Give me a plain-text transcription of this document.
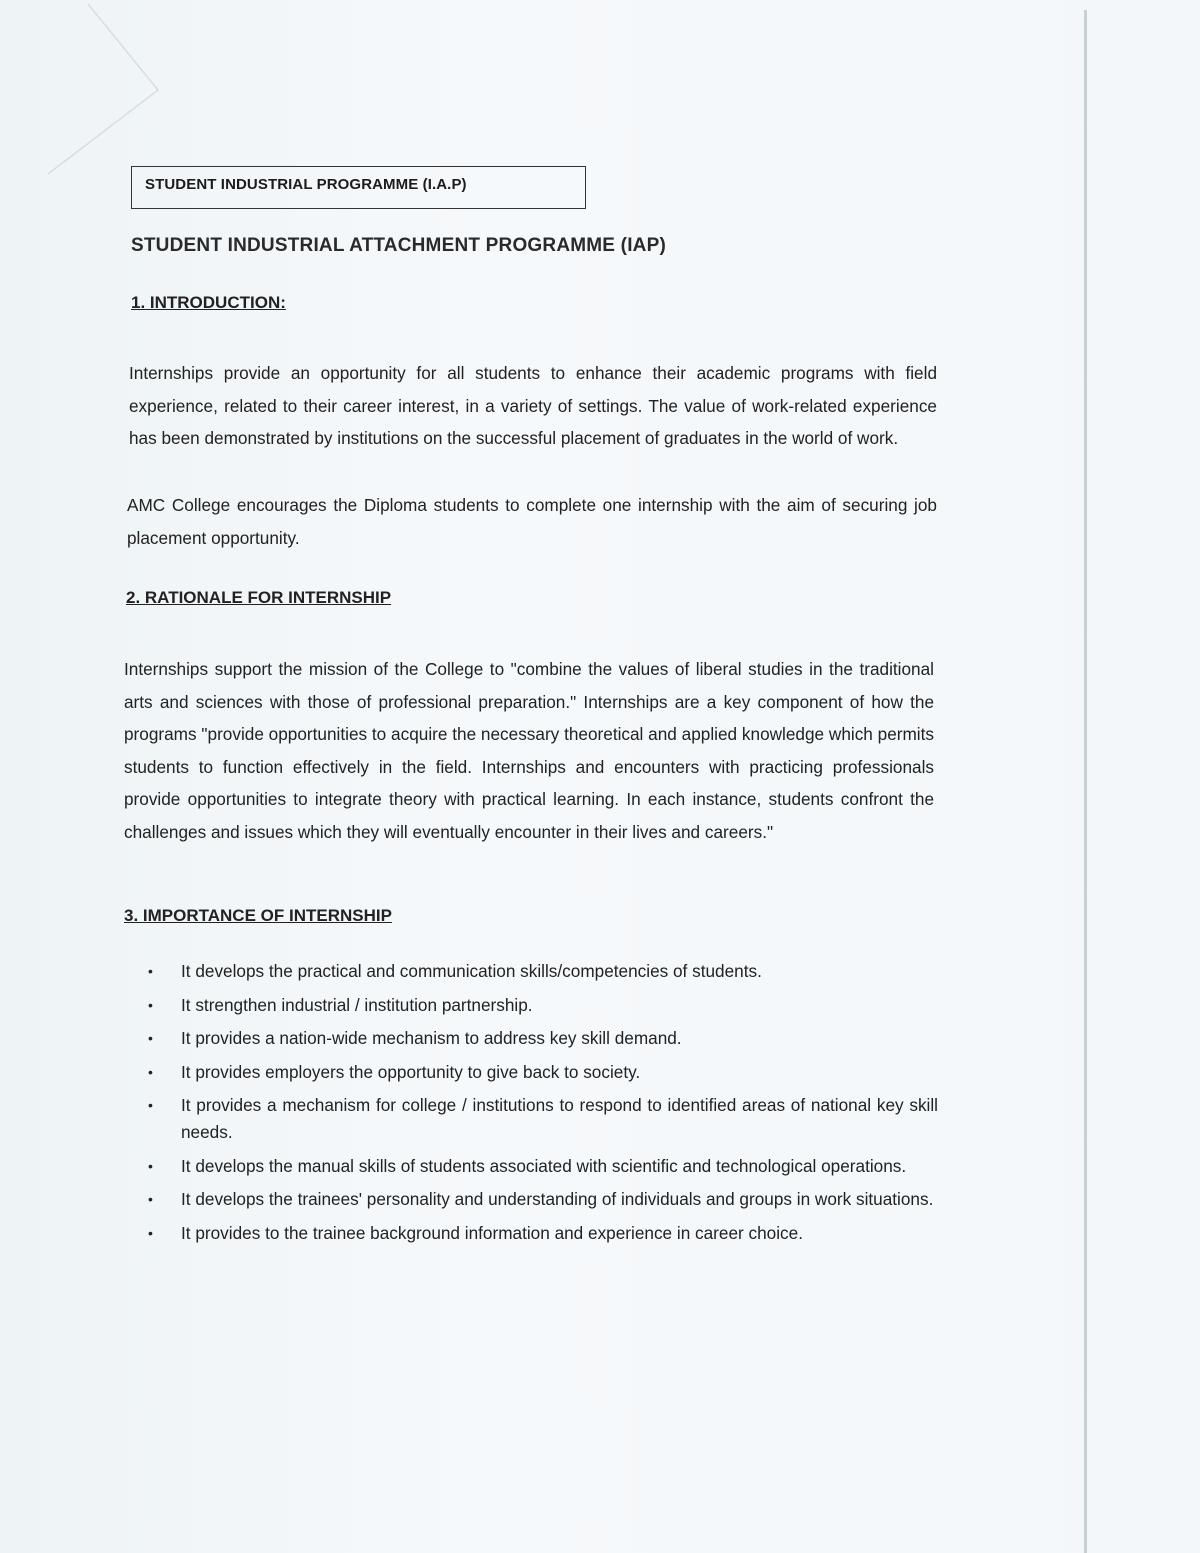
STUDENT INDUSTRIAL PROGRAMME (I.A.P)
STUDENT INDUSTRIAL ATTACHMENT PROGRAMME (IAP)
1. INTRODUCTION:
Internships provide an opportunity for all students to enhance their academic programs with field experience, related to their career interest, in a variety of settings. The value of work-related experience has been demonstrated by institutions on the successful placement of graduates in the world of work.
AMC College encourages the Diploma students to complete one internship with the aim of securing job placement opportunity.
2. RATIONALE FOR INTERNSHIP
Internships support the mission of the College to "combine the values of liberal studies in the traditional arts and sciences with those of professional preparation." Internships are a key component of how the programs "provide opportunities to acquire the necessary theoretical and applied knowledge which permits students to function effectively in the field. Internships and encounters with practicing professionals provide opportunities to integrate theory with practical learning. In each instance, students confront the challenges and issues which they will eventually encounter in their lives and careers."
3. IMPORTANCE OF INTERNSHIP
• It develops the practical and communication skills/competencies of students.
• It strengthen industrial / institution partnership.
• It provides a nation-wide mechanism to address key skill demand.
• It provides employers the opportunity to give back to society.
• It provides a mechanism for college / institutions to respond to identified areas of national key skill needs.
• It develops the manual skills of students associated with scientific and technological operations.
• It develops the trainees' personality and understanding of individuals and groups in work situations.
• It provides to the trainee background information and experience in career choice.
